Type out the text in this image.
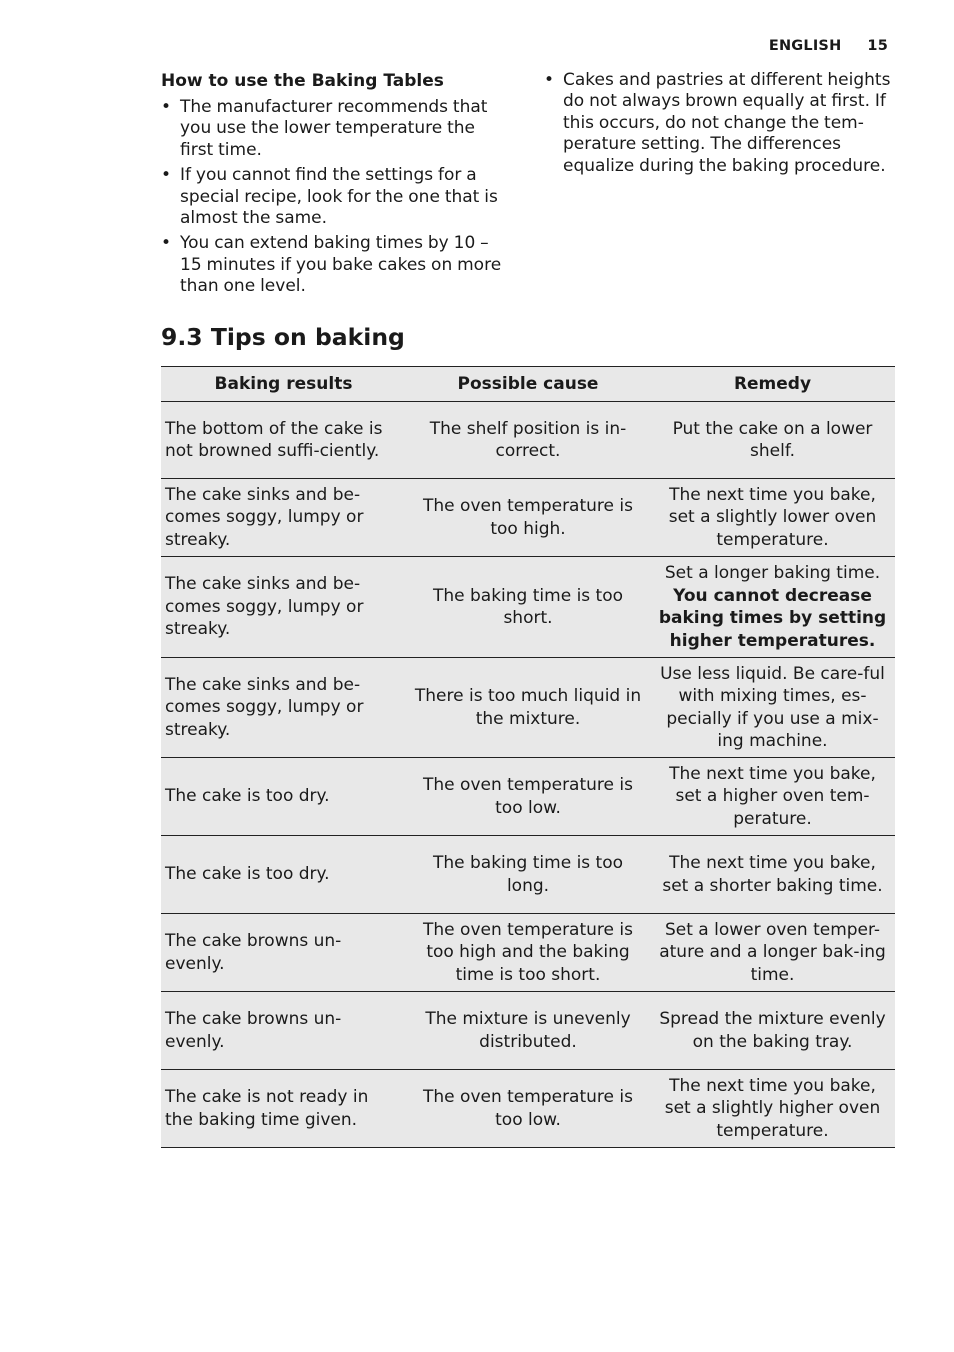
ENGLISH 15
How to use the Baking Tables
• The manufacturer recommends that you use the lower temperature the first time.
• If you cannot find the settings for a special recipe, look for the one that is almost the same.
• You can extend baking times by 10 – 15 minutes if you bake cakes on more than one level.
• Cakes and pastries at different heights do not always brown equally at first. If this occurs, do not change the tem-perature setting. The differences equalize during the baking procedure.
9.3 Tips on baking
Baking results	Possible cause	Remedy
The bottom of the cake is not browned suffi-ciently.	The shelf position is in-correct.	Put the cake on a lower shelf.
The cake sinks and be-comes soggy, lumpy or streaky.	The oven temperature is too high.	The next time you bake, set a slightly lower oven temperature.
The cake sinks and be-comes soggy, lumpy or streaky.	The baking time is too short.	Set a longer baking time. You cannot decrease baking times by setting higher temperatures.
The cake sinks and be-comes soggy, lumpy or streaky.	There is too much liquid in the mixture.	Use less liquid. Be care-ful with mixing times, es-pecially if you use a mix-ing machine.
The cake is too dry.	The oven temperature is too low.	The next time you bake, set a higher oven tem-perature.
The cake is too dry.	The baking time is too long.	The next time you bake, set a shorter baking time.
The cake browns un-evenly.	The oven temperature is too high and the baking time is too short.	Set a lower oven temper-ature and a longer bak-ing time.
The cake browns un-evenly.	The mixture is unevenly distributed.	Spread the mixture evenly on the baking tray.
The cake is not ready in the baking time given.	The oven temperature is too low.	The next time you bake, set a slightly higher oven temperature.
